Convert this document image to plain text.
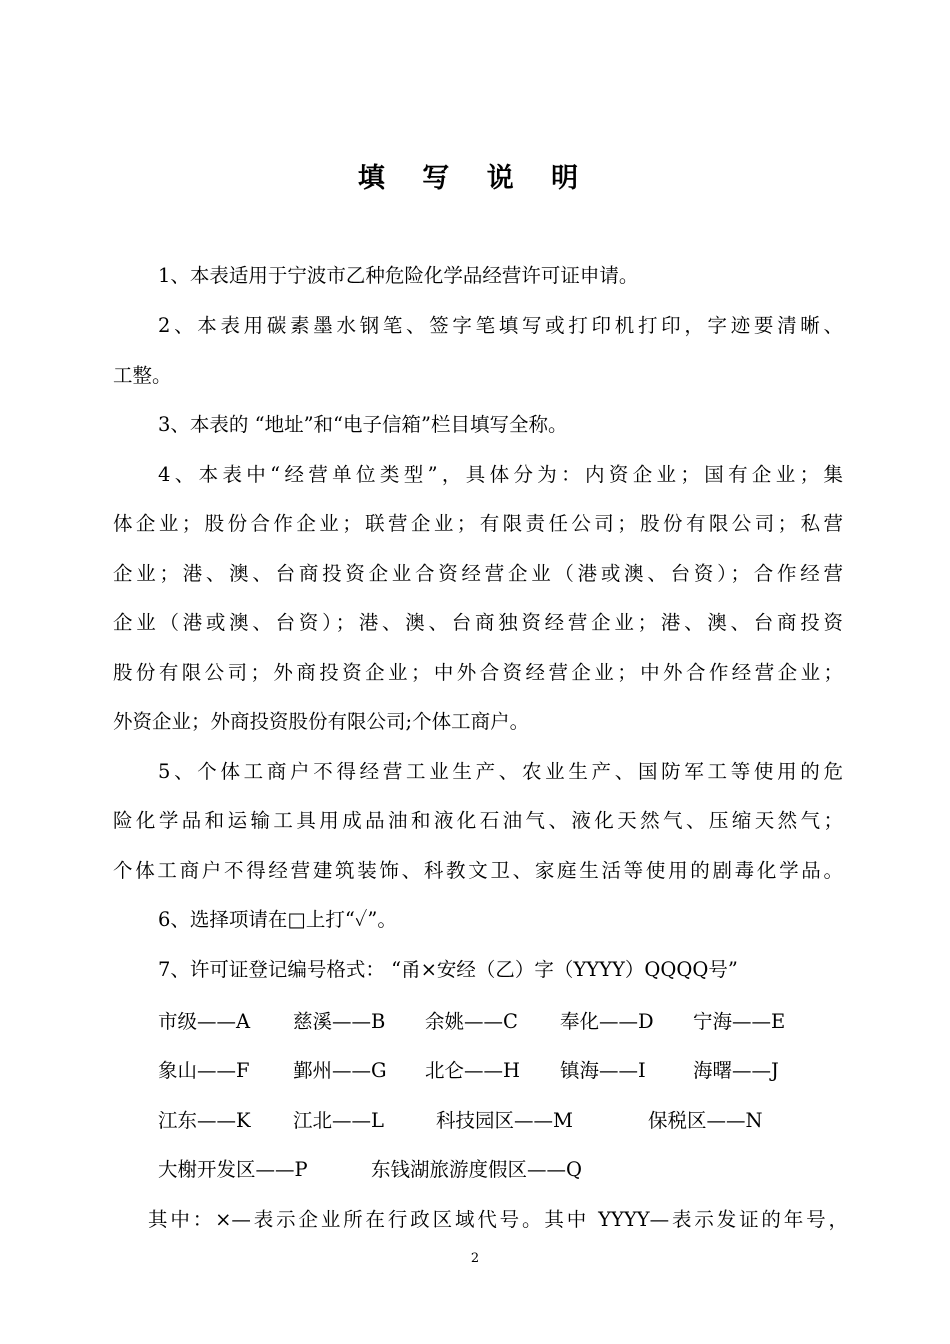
填 写 说 明
1、本表适用于宁波市乙种危险化学品经营许可证申请。
2、本表用碳素墨水钢笔、签字笔填写或打印机打印，字迹要清晰、
工整。
3、本表的 “地址”和“电子信箱”栏目填写全称。
4、本表中“经营单位类型”，具体分为：内资企业；国有企业；集
体企业；股份合作企业；联营企业；有限责任公司；股份有限公司；私营
企业；港、澳、台商投资企业合资经营企业（港或澳、台资）；合作经营
企业（港或澳、台资）；港、澳、台商独资经营企业；港、澳、台商投资
股份有限公司；外商投资企业；中外合资经营企业；中外合作经营企业；
外资企业；外商投资股份有限公司;个体工商户。
5、个体工商户不得经营工业生产、农业生产、国防军工等使用的危
险化学品和运输工具用成品油和液化石油气、液化天然气、压缩天然气；
个体工商户不得经营建筑装饰、科教文卫、家庭生活等使用的剧毒化学品。
6、选择项请在□上打“✓”。
7、许可证登记编号格式： “甬×安经（乙）字（YYYY）QQQQ号”
市级——A 慈溪——B 余姚——C 奉化——D 宁海——E
象山——F 鄞州——G 北仑——H 镇海——I 海曙——J
江东——K 江北——L	科技园区——M	保税区——N
大榭开发区——P	东钱湖旅游度假区——Q
其中：×—表示企业所在行政区域代号。其中 YYYY—表示发证的年号，
2
